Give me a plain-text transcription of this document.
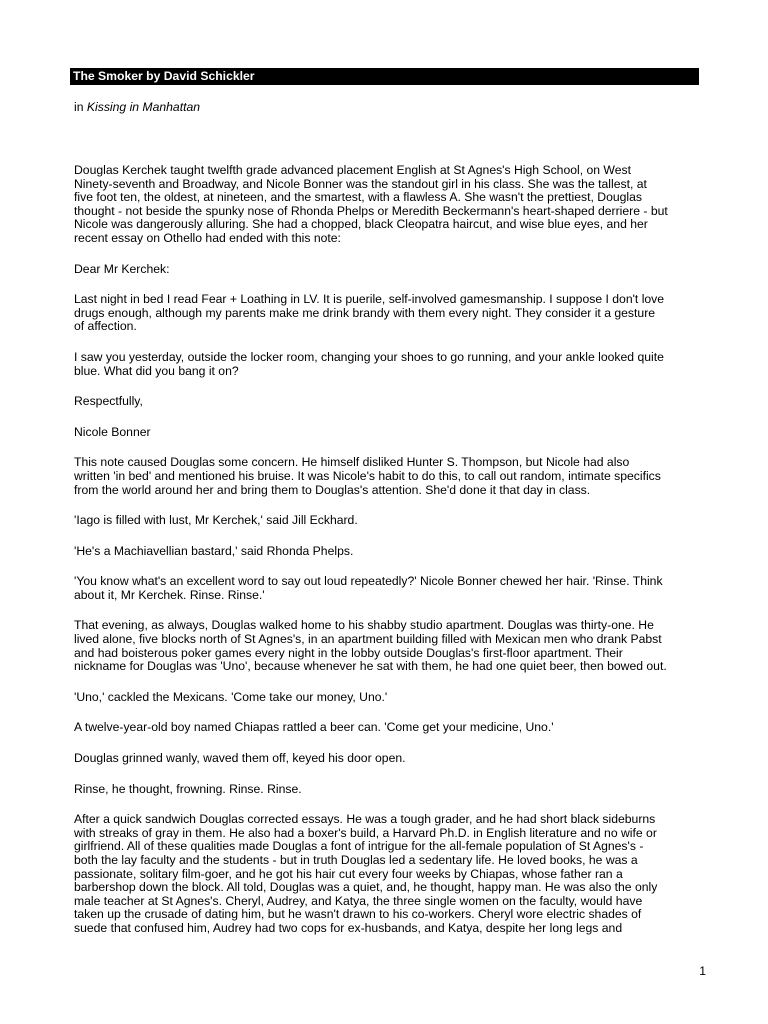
The Smoker by David Schickler
in Kissing in Manhattan

Douglas Kerchek taught twelfth grade advanced placement English at St Agnes's High School, on West
Ninety-seventh and Broadway, and Nicole Bonner was the standout girl in his class. She was the tallest, at
five foot ten, the oldest, at nineteen, and the smartest, with a flawless A. She wasn't the prettiest, Douglas
thought - not beside the spunky nose of Rhonda Phelps or Meredith Beckermann's heart-shaped derriere - but
Nicole was dangerously alluring. She had a chopped, black Cleopatra haircut, and wise blue eyes, and her
recent essay on Othello had ended with this note:

Dear Mr Kerchek:

Last night in bed I read Fear + Loathing in LV. It is puerile, self-involved gamesmanship. I suppose I don't love
drugs enough, although my parents make me drink brandy with them every night. They consider it a gesture
of affection.

I saw you yesterday, outside the locker room, changing your shoes to go running, and your ankle looked quite
blue. What did you bang it on?

Respectfully,

Nicole Bonner

This note caused Douglas some concern. He himself disliked Hunter S. Thompson, but Nicole had also
written 'in bed' and mentioned his bruise. It was Nicole's habit to do this, to call out random, intimate specifics
from the world around her and bring them to Douglas's attention. She'd done it that day in class.

'Iago is filled with lust, Mr Kerchek,' said Jill Eckhard.

'He's a Machiavellian bastard,' said Rhonda Phelps.

'You know what's an excellent word to say out loud repeatedly?' Nicole Bonner chewed her hair. 'Rinse. Think
about it, Mr Kerchek. Rinse. Rinse.'

That evening, as always, Douglas walked home to his shabby studio apartment. Douglas was thirty-one. He
lived alone, five blocks north of St Agnes's, in an apartment building filled with Mexican men who drank Pabst
and had boisterous poker games every night in the lobby outside Douglas's first-floor apartment. Their
nickname for Douglas was 'Uno', because whenever he sat with them, he had one quiet beer, then bowed out.

'Uno,' cackled the Mexicans. 'Come take our money, Uno.'

A twelve-year-old boy named Chiapas rattled a beer can. 'Come get your medicine, Uno.'

Douglas grinned wanly, waved them off, keyed his door open.

Rinse, he thought, frowning. Rinse. Rinse.

After a quick sandwich Douglas corrected essays. He was a tough grader, and he had short black sideburns
with streaks of gray in them. He also had a boxer's build, a Harvard Ph.D. in English literature and no wife or
girlfriend. All of these qualities made Douglas a font of intrigue for the all-female population of St Agnes's -
both the lay faculty and the students - but in truth Douglas led a sedentary life. He loved books, he was a
passionate, solitary film-goer, and he got his hair cut every four weeks by Chiapas, whose father ran a
barbershop down the block. All told, Douglas was a quiet, and, he thought, happy man. He was also the only
male teacher at St Agnes's. Cheryl, Audrey, and Katya, the three single women on the faculty, would have
taken up the crusade of dating him, but he wasn't drawn to his co-workers. Cheryl wore electric shades of
suede that confused him, Audrey had two cops for ex-husbands, and Katya, despite her long legs and

1
